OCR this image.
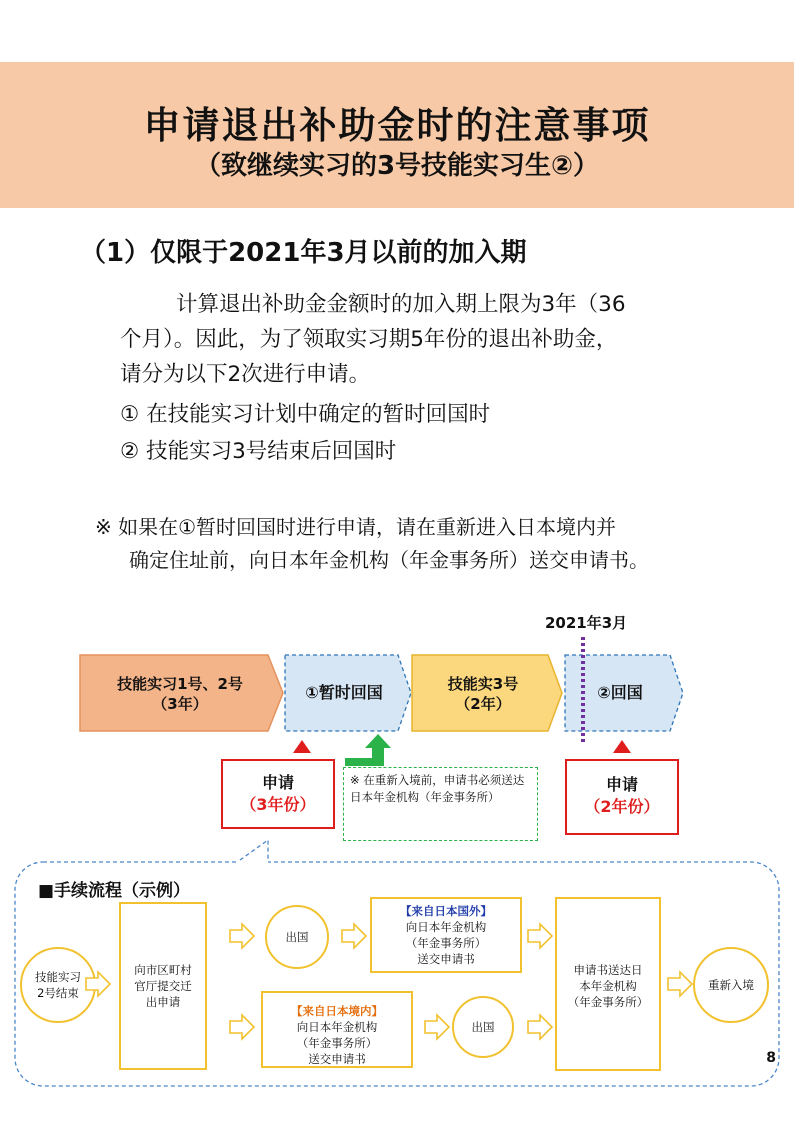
申请退出补助金时的注意事项
（致继续实习的3号技能实习生②）
（1）仅限于2021年3月以前的加入期
计算退出补助金金额时的加入期上限为3年（36
个月）。因此，为了领取实习期5年份的退出补助金，
请分为以下2次进行申请。
① 在技能实习计划中确定的暂时回国时
② 技能实习3号结束后回国时
※ 如果在①暂时回国时进行申请，请在重新进入日本境内并
确定住址前，向日本年金机构（年金事务所）送交申请书。
2021年3月
技能实习1号、2号
（3年）
①暂时回国	技能实3号
（2年）
②回国
申请
（3年份）
※ 在重新入境前，申请书必须送达日本年金机构（年金事务所）
申请
（2年份）
■手续流程（示例）
技能实习
2号结束
向市区町村
官厅提交迁
出申请
出国
【来自日本国外】
向日本年金机构
（年金事务所）
送交申请书
【来自日本境内】
向日本年金机构
（年金事务所）
送交申请书
出国
申请书送达日
本年金机构
（年金事务所）
重新入境
8
